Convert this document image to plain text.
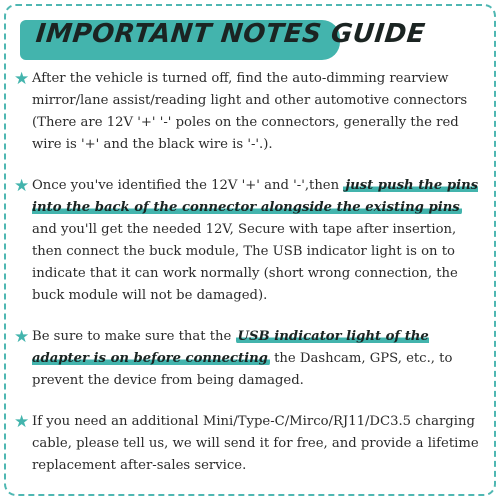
IMPORTANT NOTES GUIDE
★ After the vehicle is turned off, find the auto-dimming rearview mirror/lane assist/reading light and other automotive connectors (There are 12V '+' '-' poles on the connectors, generally the red wire is '+' and the black wire is '-'.).
★ Once you've identified the 12V '+' and '-',then just push the pins into the back of the connector alongside the existing pins and you'll get the needed 12V, Secure with tape after insertion, then connect the buck module, The USB indicator light is on to indicate that it can work normally (short wrong connection, the buck module will not be damaged).
★ Be sure to make sure that the USB indicator light of the adapter is on before connecting the Dashcam, GPS, etc., to prevent the device from being damaged.
★ If you need an additional Mini/Type-C/Mirco/RJ11/DC3.5 charging cable, please tell us, we will send it for free, and provide a lifetime replacement after-sales service.
